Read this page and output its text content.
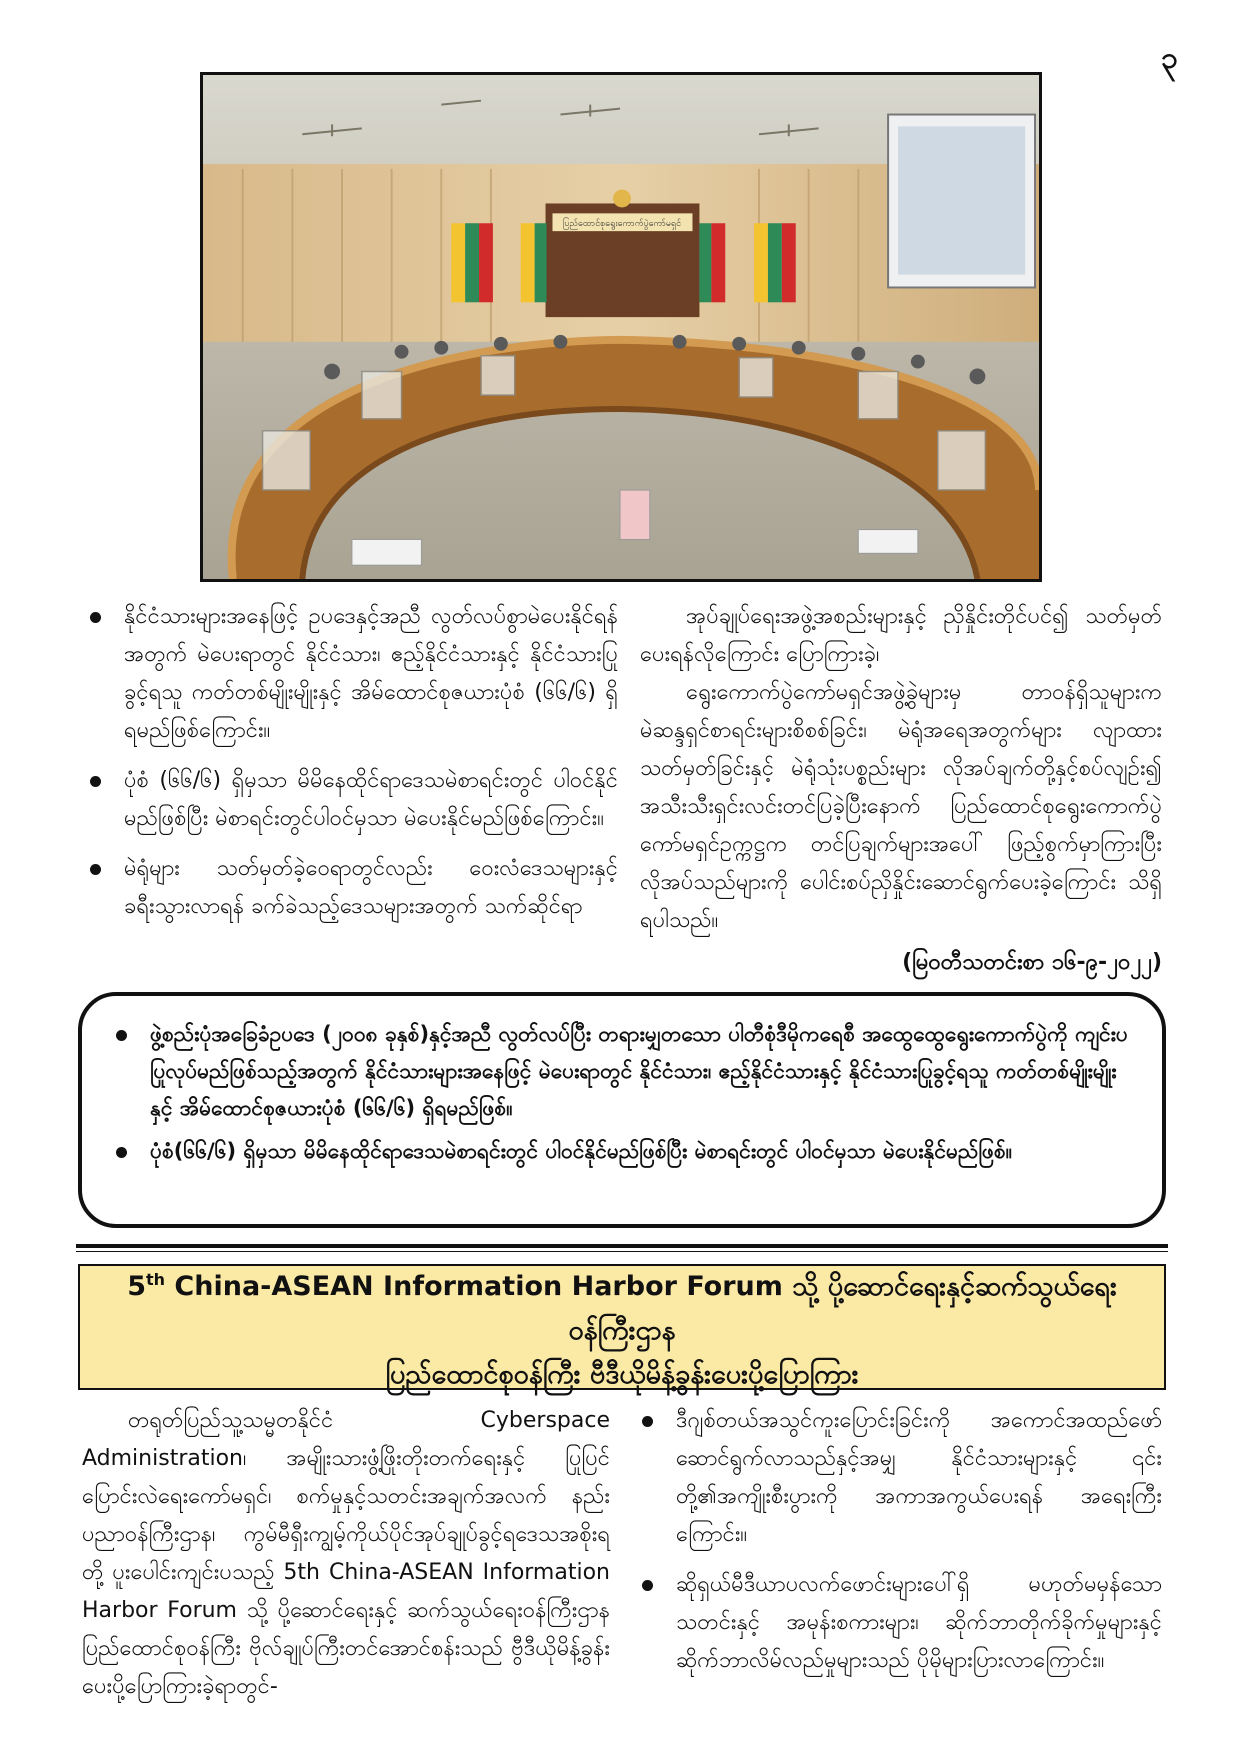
၃
ပြည်ထောင်စုရွေးကောက်ပွဲကော်မရှင်
နိုင်ငံသားများအနေဖြင့် ဥပဒေနှင့်အညီ လွတ်လပ်စွာမဲပေးနိုင်ရန်အတွက် မဲပေးရာတွင် နိုင်ငံသား၊ ဧည့်နိုင်ငံသားနှင့် နိုင်ငံသားပြုခွင့်ရသူ ကတ်တစ်မျိုးမျိုးနှင့် အိမ်ထောင်စုဇယားပုံစံ (၆၆/၆) ရှိရမည်ဖြစ်ကြောင်း။
ပုံစံ (၆၆/၆) ရှိမှသာ မိမိနေထိုင်ရာဒေသမဲစာရင်းတွင် ပါဝင်နိုင်မည်ဖြစ်ပြီး မဲစာရင်းတွင်ပါဝင်မှသာ မဲပေးနိုင်မည်ဖြစ်ကြောင်း။
မဲရုံများ သတ်မှတ်ခဲ့ဝေရာတွင်လည်း ဝေးလံဒေသများနှင့် ခရီးသွားလာရန် ခက်ခဲသည့်ဒေသများအတွက် သက်ဆိုင်ရာ

အုပ်ချုပ်ရေးအဖွဲ့အစည်းများနှင့် ညှိနှိုင်းတိုင်ပင်၍ သတ်မှတ်ပေးရန်လိုကြောင်း ပြောကြားခဲ့၊

ရွေးကောက်ပွဲကော်မရှင်အဖွဲ့ခွဲများမှ တာဝန်ရှိသူများက မဲဆန္ဒရှင်စာရင်းများစိစစ်ခြင်း၊ မဲရုံအရေအတွက်များ လျာထားသတ်မှတ်ခြင်းနှင့် မဲရုံသုံးပစ္စည်းများ လိုအပ်ချက်တို့နှင့်စပ်လျဉ်း၍ အသီးသီးရှင်းလင်းတင်ပြခဲ့ပြီးနောက် ပြည်ထောင်စုရွေးကောက်ပွဲကော်မရှင်ဥက္ကဋ္ဌက တင်ပြချက်များအပေါ် ဖြည့်စွက်မှာကြားပြီး လိုအပ်သည်များကို ပေါင်းစပ်ညှိနှိုင်းဆောင်ရွက်ပေးခဲ့ကြောင်း သိရှိရပါသည်။

(မြဝတီသတင်းစာ ၁၆-၉-၂၀၂၂)
ဖွဲ့စည်းပုံအခြေခံဥပဒေ (၂၀၀၈ ခုနှစ်)နှင့်အညီ လွတ်လပ်ပြီး တရားမျှတသော ပါတီစုံဒီမိုကရေစီ အထွေထွေရွေးကောက်ပွဲကို ကျင်းပပြုလုပ်မည်ဖြစ်သည့်အတွက် နိုင်ငံသားများအနေဖြင့် မဲပေးရာတွင် နိုင်ငံသား၊ ဧည့်နိုင်ငံသားနှင့် နိုင်ငံသားပြုခွင့်ရသူ ကတ်တစ်မျိုးမျိုးနှင့် အိမ်ထောင်စုဇယားပုံစံ (၆၆/၆) ရှိရမည်ဖြစ်။
ပုံစံ(၆၆/၆) ရှိမှသာ မိမိနေထိုင်ရာဒေသမဲစာရင်းတွင် ပါဝင်နိုင်မည်ဖြစ်ပြီး မဲစာရင်းတွင် ပါဝင်မှသာ မဲပေးနိုင်မည်ဖြစ်။
5th China-ASEAN Information Harbor Forum သို့ ပို့ဆောင်ရေးနှင့်ဆက်သွယ်ရေးဝန်ကြီးဌာန
ပြည်ထောင်စုဝန်ကြီး ဗီဒီယိုမိန့်ခွန်းပေးပို့ပြောကြား

တရုတ်ပြည်သူ့သမ္မတနိုင်ငံ Cyberspace Administration၊ အမျိုးသားဖွံ့ဖြိုးတိုးတက်ရေးနှင့် ပြုပြင်ပြောင်းလဲရေးကော်မရှင်၊ စက်မှုနှင့်သတင်းအချက်အလက် နည်းပညာဝန်ကြီးဌာန၊ ကွမ်မီရှီးကျွမ့်ကိုယ်ပိုင်အုပ်ချုပ်ခွင့်ရဒေသအစိုးရတို့ ပူးပေါင်းကျင်းပသည့် 5th China-ASEAN Information Harbor Forum သို့ ပို့ဆောင်ရေးနှင့် ဆက်သွယ်ရေးဝန်ကြီးဌာန ပြည်ထောင်စုဝန်ကြီး ဗိုလ်ချုပ်ကြီးတင်အောင်စန်းသည် ဗွီဒီယိုမိန့်ခွန်း ပေးပို့ပြောကြားခဲ့ရာတွင်-

ဒီဂျစ်တယ်အသွင်ကူးပြောင်းခြင်းကို အကောင်အထည်ဖော် ဆောင်ရွက်လာသည်နှင့်အမျှ နိုင်ငံသားများနှင့် ၎င်းတို့၏အကျိုးစီးပွားကို အကာအကွယ်ပေးရန် အရေးကြီးကြောင်း။
ဆိုရှယ်မီဒီယာပလက်ဖောင်းများပေါ်ရှိ မဟုတ်မမှန်သော သတင်းနှင့် အမုန်းစကားများ၊ ဆိုက်ဘာတိုက်ခိုက်မှုများနှင့် ဆိုက်ဘာလိမ်လည်မှုများသည် ပိုမိုများပြားလာကြောင်း။
